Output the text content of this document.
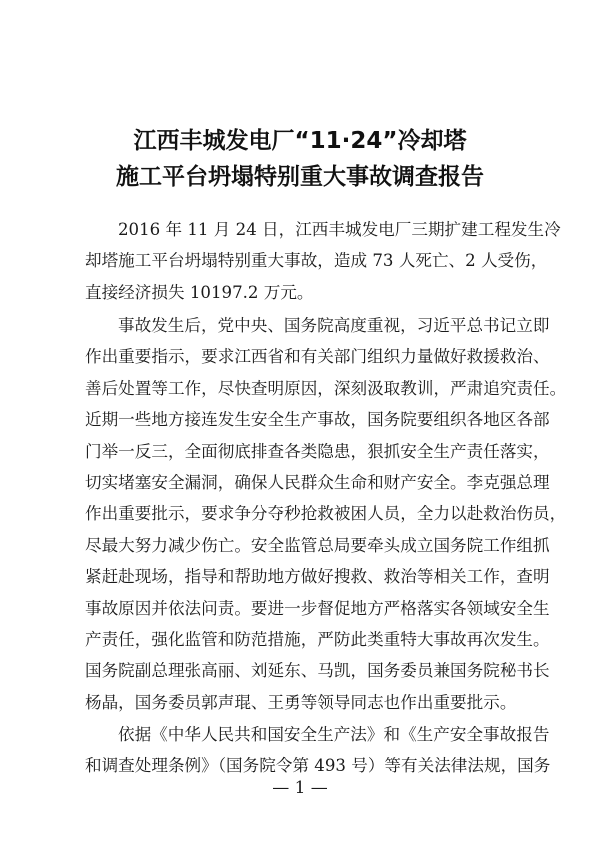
江西丰城发电厂“11·24”冷却塔
施工平台坍塌特别重大事故调查报告
2016 年 11 月 24 日，江西丰城发电厂三期扩建工程发生冷
却塔施工平台坍塌特别重大事故，造成 73 人死亡、2 人受伤，
直接经济损失 10197.2 万元。
事故发生后，党中央、国务院高度重视，习近平总书记立即
作出重要指示，要求江西省和有关部门组织力量做好救援救治、
善后处置等工作，尽快查明原因，深刻汲取教训，严肃追究责任。
近期一些地方接连发生安全生产事故，国务院要组织各地区各部
门举一反三，全面彻底排查各类隐患，狠抓安全生产责任落实，
切实堵塞安全漏洞，确保人民群众生命和财产安全。李克强总理
作出重要批示，要求争分夺秒抢救被困人员，全力以赴救治伤员，
尽最大努力减少伤亡。安全监管总局要牵头成立国务院工作组抓
紧赶赴现场，指导和帮助地方做好搜救、救治等相关工作，查明
事故原因并依法问责。要进一步督促地方严格落实各领域安全生
产责任，强化监管和防范措施，严防此类重特大事故再次发生。
国务院副总理张高丽、刘延东、马凯，国务委员兼国务院秘书长
杨晶，国务委员郭声琨、王勇等领导同志也作出重要批示。
依据《中华人民共和国安全生产法》和《生产安全事故报告
和调查处理条例》（国务院令第 493 号）等有关法律法规，国务
— 1 —
